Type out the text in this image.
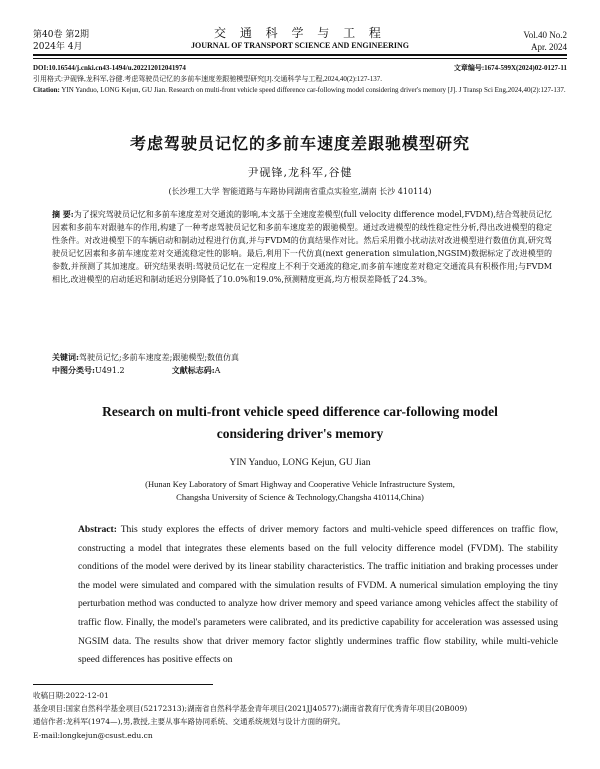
第40卷 第2期
2024年 4月
交 通 科 学 与 工 程
JOURNAL OF TRANSPORT SCIENCE AND ENGINEERING
Vol.40 No.2
Apr. 2024
DOI:10.16544/j.cnki.cn43-1494/u.202212012041974	文章编号:1674-599X(2024)02-0127-11
引用格式:尹砚锋,龙科军,谷健.考虑驾驶员记忆的多前车速度差跟驰模型研究[J].交通科学与工程,2024,40(2):127-137.
Citation: YIN Yanduo, LONG Kejun, GU Jian. Research on multi-front vehicle speed difference car-following model considering driver's memory [J]. J Transp Sci Eng,2024,40(2):127-137.
考虑驾驶员记忆的多前车速度差跟驰模型研究
尹砚锋,龙科军,谷健
(长沙理工大学 智能道路与车路协同湖南省重点实验室,湖南 长沙 410114)
摘 要:为了探究驾驶员记忆和多前车速度差对交通流的影响,本文基于全速度差模型(full velocity difference model,FVDM),结合驾驶员记忆因素和多前车对跟驰车的作用,构建了一种考虑驾驶员记忆和多前车速度差的跟驰模型。通过改进模型的线性稳定性分析,得出改进模型的稳定性条件。对改进模型下的车辆启动和制动过程进行仿真,并与FVDM的仿真结果作对比。然后采用微小扰动法对改进模型进行数值仿真,研究驾驶员记忆因素和多前车速度差对交通流稳定性的影响。最后,利用下一代仿真(next generation simulation,NGSIM)数据标定了改进模型的参数,并预测了其加速度。研究结果表明:驾驶员记忆在一定程度上不利于交通流的稳定,而多前车速度差对稳定交通流具有积极作用;与FVDM相比,改进模型的启动延迟和制动延迟分别降低了10.0%和19.0%,预测精度更高,均方根误差降低了24.3%。
关键词:驾驶员记忆;多前车速度差;跟驰模型;数值仿真
中图分类号:U491.2	文献标志码:A
Research on multi-front vehicle speed difference car-following model
considering driver's memory
YIN Yanduo, LONG Kejun, GU Jian
(Hunan Key Laboratory of Smart Highway and Cooperative Vehicle Infrastructure System,
Changsha University of Science & Technology,Changsha 410114,China)
Abstract: This study explores the effects of driver memory factors and multi-vehicle speed differences on traffic flow, constructing a model that integrates these elements based on the full velocity difference model (FVDM). The stability conditions of the model were derived by its linear stability characteristics. The traffic initiation and braking processes under the model were simulated and compared with the simulation results of FVDM. A numerical simulation employing the tiny perturbation method was conducted to analyze how driver memory and speed variance among vehicles affect the stability of traffic flow. Finally, the model's parameters were calibrated, and its predictive capability for acceleration was assessed using NGSIM data. The results show that driver memory factor slightly undermines traffic flow stability, while multi-vehicle speed differences has positive effects on
收稿日期:2022-12-01
基金项目:国家自然科学基金项目(52172313);湖南省自然科学基金青年项目(2021JJ40577);湖南省教育厅优秀青年项目(20B009)
通信作者:龙科军(1974—),男,教授,主要从事车路协同系统、交通系统规划与设计方面的研究。
E-mail:longkejun@csust.edu.cn
